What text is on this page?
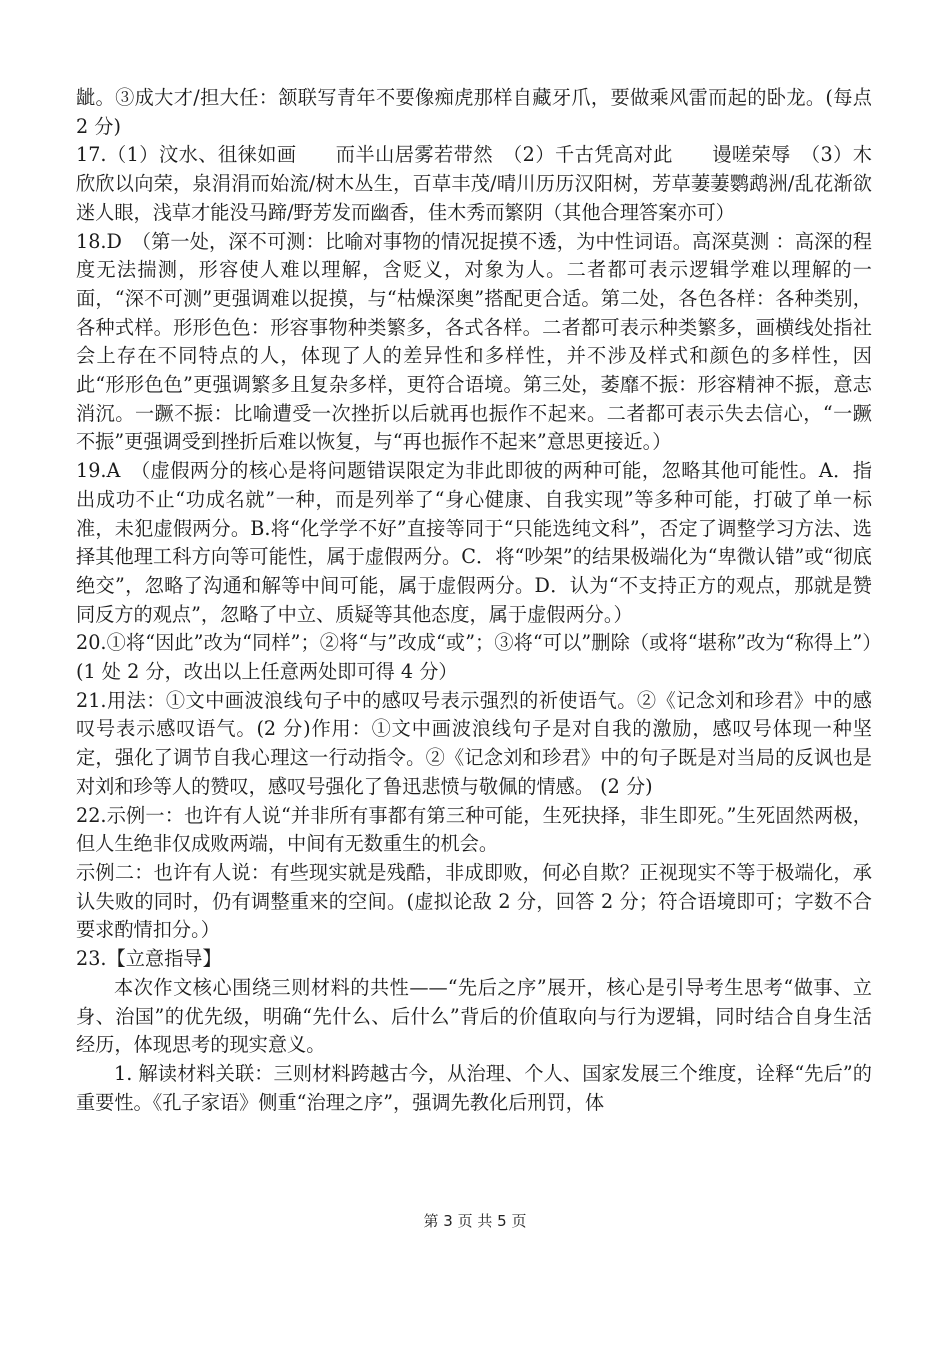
龇。③成大才/担大任：颔联写青年不要像痴虎那样自藏牙爪，要做乘风雷而起的卧龙。(每点 2 分)

17.（1）汶水、徂徕如画　　而半山居雾若带然　（2）千古凭高对此　　谩嗟荣辱　（3）木欣欣以向荣，泉涓涓而始流/树木丛生，百草丰茂/晴川历历汉阳树，芳草萋萋鹦鹉洲/乱花渐欲迷人眼，浅草才能没马蹄/野芳发而幽香，佳木秀而繁阴（其他合理答案亦可）

18.D　（第一处，深不可测：比喻对事物的情况捉摸不透，为中性词语。高深莫测 ：高深的程度无法揣测，形容使人难以理解，含贬义，对象为人。二者都可表示逻辑学难以理解的一面，“深不可测”更强调难以捉摸，与“枯燥深奥”搭配更合适。第二处，各色各样：各种类别，各种式样。形形色色：形容事物种类繁多，各式各样。二者都可表示种类繁多，画横线处指社会上存在不同特点的人，体现了人的差异性和多样性，并不涉及样式和颜色的多样性，因此“形形色色”更强调繁多且复杂多样，更符合语境。第三处，萎靡不振：形容精神不振，意志消沉。一蹶不振：比喻遭受一次挫折以后就再也振作不起来。二者都可表示失去信心，“一蹶不振”更强调受到挫折后难以恢复，与“再也振作不起来”意思更接近。）

19.A　（虚假两分的核心是将问题错误限定为非此即彼的两种可能，忽略其他可能性。A．指出成功不止“功成名就”一种，而是列举了“身心健康、自我实现”等多种可能，打破了单一标准，未犯虚假两分。B.将“化学学不好”直接等同于“只能选纯文科”，否定了调整学习方法、选择其他理工科方向等可能性，属于虚假两分。C．将“吵架”的结果极端化为“卑微认错”或“彻底绝交”，忽略了沟通和解等中间可能，属于虚假两分。D．认为“不支持正方的观点，那就是赞同反方的观点”，忽略了中立、质疑等其他态度，属于虚假两分。）

20.①将“因此”改为“同样”；②将“与”改成“或”；③将“可以”删除（或将“堪称”改为“称得上”）(1 处 2 分，改出以上任意两处即可得 4 分）

21.用法：①文中画波浪线句子中的感叹号表示强烈的祈使语气。②《记念刘和珍君》中的感叹号表示感叹语气。(2 分)作用：①文中画波浪线句子是对自我的激励，感叹号体现一种坚定，强化了调节自我心理这一行动指令。②《记念刘和珍君》中的句子既是对当局的反讽也是对刘和珍等人的赞叹，感叹号强化了鲁迅悲愤与敬佩的情感。 (2 分)

22.示例一：也许有人说“并非所有事都有第三种可能，生死抉择，非生即死。”生死固然两极，但人生绝非仅成败两端，中间有无数重生的机会。

示例二：也许有人说：有些现实就是残酷，非成即败，何必自欺？正视现实不等于极端化，承认失败的同时，仍有调整重来的空间。(虚拟论敌 2 分，回答 2 分；符合语境即可；字数不合要求酌情扣分。）

23.【立意指导】

本次作文核心围绕三则材料的共性——“先后之序”展开，核心是引导考生思考“做事、立身、治国”的优先级，明确“先什么、后什么”背后的价值取向与行为逻辑，同时结合自身生活经历，体现思考的现实意义。

1. 解读材料关联：三则材料跨越古今，从治理、个人、国家发展三个维度，诠释“先后”的重要性。《孔子家语》侧重“治理之序”，强调先教化后刑罚，体

第 3 页 共 5 页
